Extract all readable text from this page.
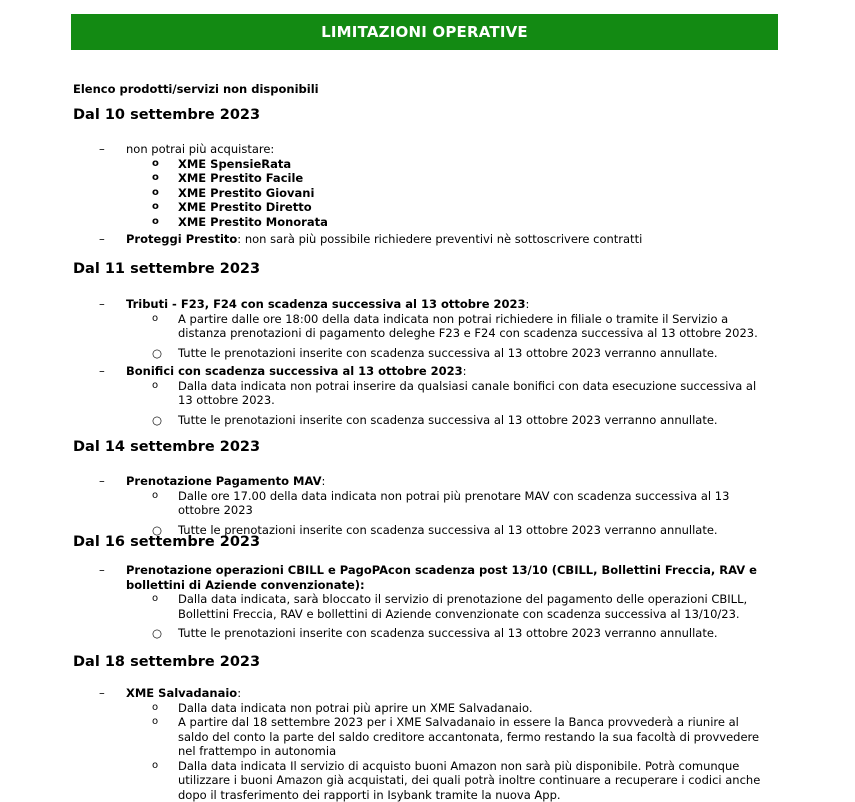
LIMITAZIONI OPERATIVE
Elenco prodotti/servizi non disponibili
Dal 10 settembre 2023
– non potrai più acquistare:
o XME SpensieRata
o XME Prestito Facile
o XME Prestito Giovani
o XME Prestito Diretto
o XME Prestito Monorata
– Proteggi Prestito: non sarà più possibile richiedere preventivi nè sottoscrivere contratti
Dal 11 settembre 2023
– Tributi - F23, F24 con scadenza successiva al 13 ottobre 2023:
o A partire dalle ore 18:00 della data indicata non potrai richiedere in filiale o tramite il Servizio a distanza prenotazioni di pagamento deleghe F23 e F24 con scadenza successiva al 13 ottobre 2023.
○ Tutte le prenotazioni inserite con scadenza successiva al 13 ottobre 2023 verranno annullate.
– Bonifici con scadenza successiva al 13 ottobre 2023:
o Dalla data indicata non potrai inserire da qualsiasi canale bonifici con data esecuzione successiva al 13 ottobre 2023.
○ Tutte le prenotazioni inserite con scadenza successiva al 13 ottobre 2023 verranno annullate.
Dal 14 settembre 2023
– Prenotazione Pagamento MAV:
o Dalle ore 17.00 della data indicata non potrai più prenotare MAV con scadenza successiva al 13 ottobre 2023
○ Tutte le prenotazioni inserite con scadenza successiva al 13 ottobre 2023 verranno annullate.
Dal 16 settembre 2023
– Prenotazione operazioni CBILL e PagoPAcon scadenza post 13/10 (CBILL, Bollettini Freccia, RAV e bollettini di Aziende convenzionate):
o Dalla data indicata, sarà bloccato il servizio di prenotazione del pagamento delle operazioni CBILL, Bollettini Freccia, RAV e bollettini di Aziende convenzionate con scadenza successiva al 13/10/23.
○ Tutte le prenotazioni inserite con scadenza successiva al 13 ottobre 2023 verranno annullate.
Dal 18 settembre 2023
– XME Salvadanaio:
o Dalla data indicata non potrai più aprire un XME Salvadanaio.
o A partire dal 18 settembre 2023 per i XME Salvadanaio in essere la Banca provvederà a riunire al saldo del conto la parte del saldo creditore accantonata, fermo restando la sua facoltà di provvedere nel frattempo in autonomia
o Dalla data indicata Il servizio di acquisto buoni Amazon non sarà più disponibile. Potrà comunque utilizzare i buoni Amazon già acquistati, dei quali potrà inoltre continuare a recuperare i codici anche dopo il trasferimento dei rapporti in Isybank tramite la nuova App.
